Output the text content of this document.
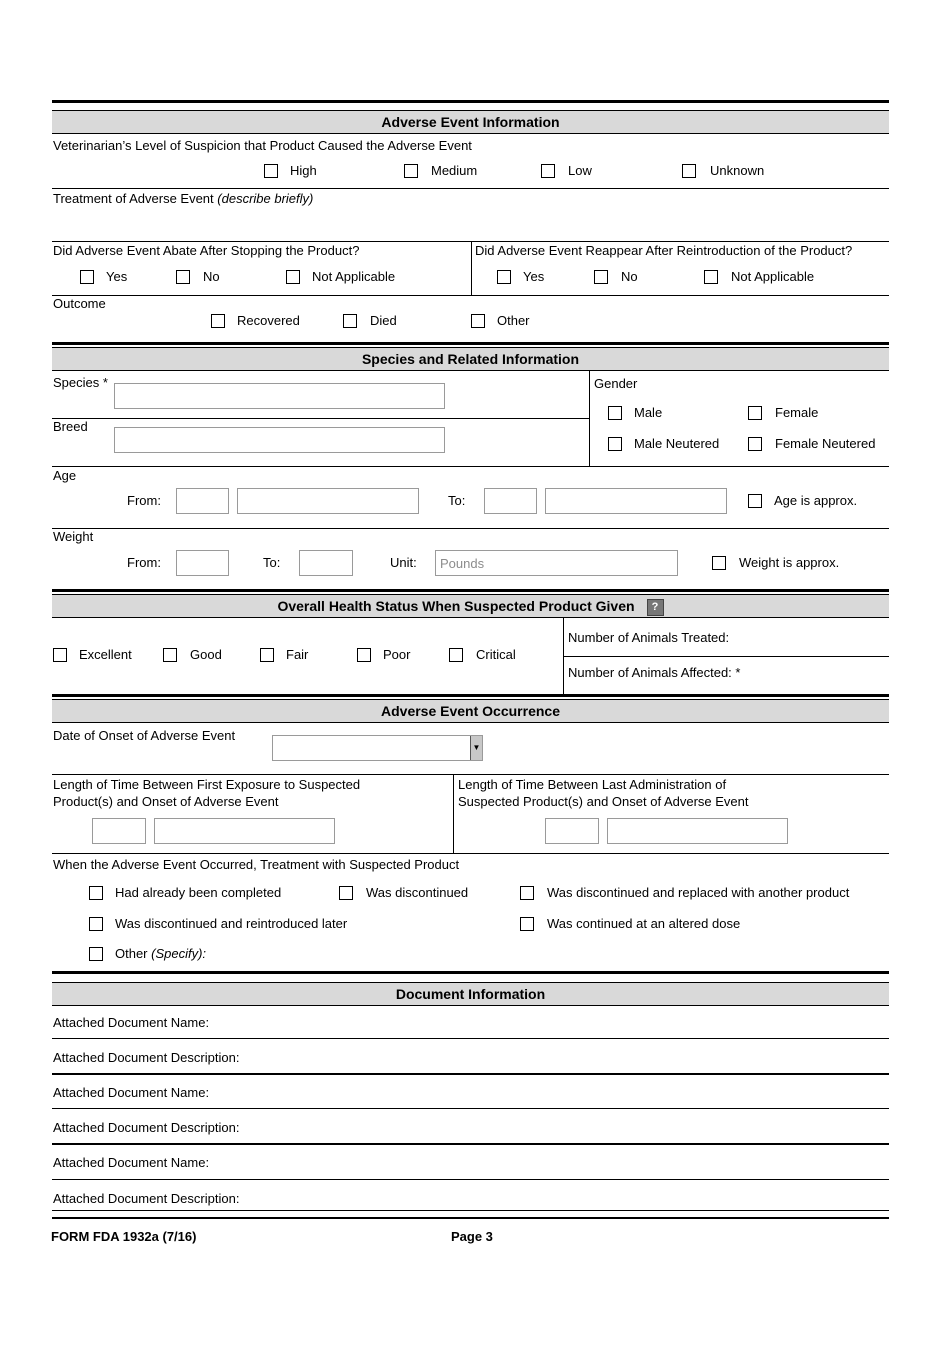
Adverse Event Information
Veterinarian’s Level of Suspicion that Product Caused the Adverse Event
High	Medium	Low	Unknown
Treatment of Adverse Event (describe briefly)
Did Adverse Event Abate After Stopping the Product?
Yes	No	Not Applicable
Did Adverse Event Reappear After Reintroduction of the Product?
Yes	No	Not Applicable
Outcome
Recovered	Died	Other
Species and Related Information
Species *
Breed
Gender
Male	Female
Male Neutered	Female Neutered
Age
From:	To:	Age is approx.
Weight
From:	To:	Unit:
Pounds	Weight is approx.
Overall Health Status When Suspected Product Given ?
Excellent	Good	Fair	Poor	Critical
Number of Animals Treated:
Number of Animals Affected: *
Adverse Event Occurrence
Date of Onset of Adverse Event
▼
Length of Time Between First Exposure to Suspected
Product(s) and Onset of Adverse Event
Length of Time Between Last Administration of
Suspected Product(s) and Onset of Adverse Event
When the Adverse Event Occurred, Treatment with Suspected Product
Had already been completed	Was discontinued	Was discontinued and replaced with another product
Was discontinued and reintroduced later	Was continued at an altered dose
Other (Specify):
Document Information
Attached Document Name:
Attached Document Description:
Attached Document Name:
Attached Document Description:
Attached Document Name:
Attached Document Description:
FORM FDA 1932a (7/16)	Page 3
